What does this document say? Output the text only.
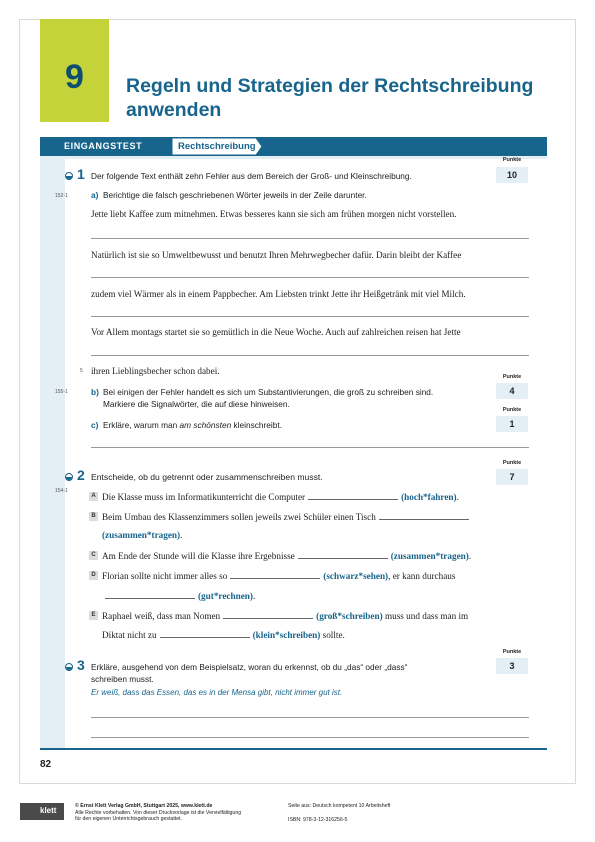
9	Regeln und Strategien der Rechtschreibung
anwenden
EINGANGSTEST	Rechtschreibung
1 Der folgende Text enthält zehn Fehler aus dem Bereich der Groß- und Kleinschreibung.
Punkte
10
152-1	a) Berichtige die falsch geschriebenen Wörter jeweils in der Zeile darunter.
Jette liebt Kaffee zum mitnehmen. Etwas besseres kann sie sich am frühen morgen nicht vorstellen.
Natürlich ist sie so Umweltbewusst und benutzt Ihren Mehrwegbecher dafür. Darin bleibt der Kaffee
zudem viel Wärmer als in einem Pappbecher. Am Liebsten trinkt Jette ihr Heißgetränk mit viel Milch.
Vor Allem montags startet sie so gemütlich in die Neue Woche. Auch auf zahlreichen reisen hat Jette
5 ihren Lieblingsbecher schon dabei.
155-1	b) Bei einigen der Fehler handelt es sich um Substantivierungen, die groß zu schreiben sind.
Markiere die Signalwörter, die auf diese hinweisen.
Punkte
4
c) Erkläre, warum man am schönsten kleinschreibt.
Punkte
1
2 Entscheide, ob du getrennt oder zusammenschreiben musst.
154-1
Punkte
7
A Die Klasse muss im Informatikunterricht die Computer	(hoch*fahren).
B Beim Umbau des Klassenzimmers sollen jeweils zwei Schüler einen Tisch
(zusammen*tragen).
C Am Ende der Stunde will die Klasse ihre Ergebnisse	(zusammen*tragen).
D Florian sollte nicht immer alles so	(schwarz*sehen), er kann durchaus
(gut*rechnen).
E Raphael weiß, dass man Nomen	(groß*schreiben) muss und dass man im
Diktat nicht zu	(klein*schreiben) sollte.
3 Erkläre, ausgehend von dem Beispielsatz, woran du erkennst, ob du „das“ oder „dass“
schreiben musst.
Er weiß, dass das Essen, das es in der Mensa gibt, nicht immer gut ist.
Punkte
3
82
klett	© Ernst Klett Verlag GmbH, Stuttgart 2025, www.klett.de
Alle Rechte vorbehalten. Von dieser Druckvorlage ist die Vervielfältigung
für den eigenen Unterrichtsgebrauch gestattet.
Seite aus: Deutsch kompetent 10 Arbeitsheft
ISBN: 978-3-12-316256-5
